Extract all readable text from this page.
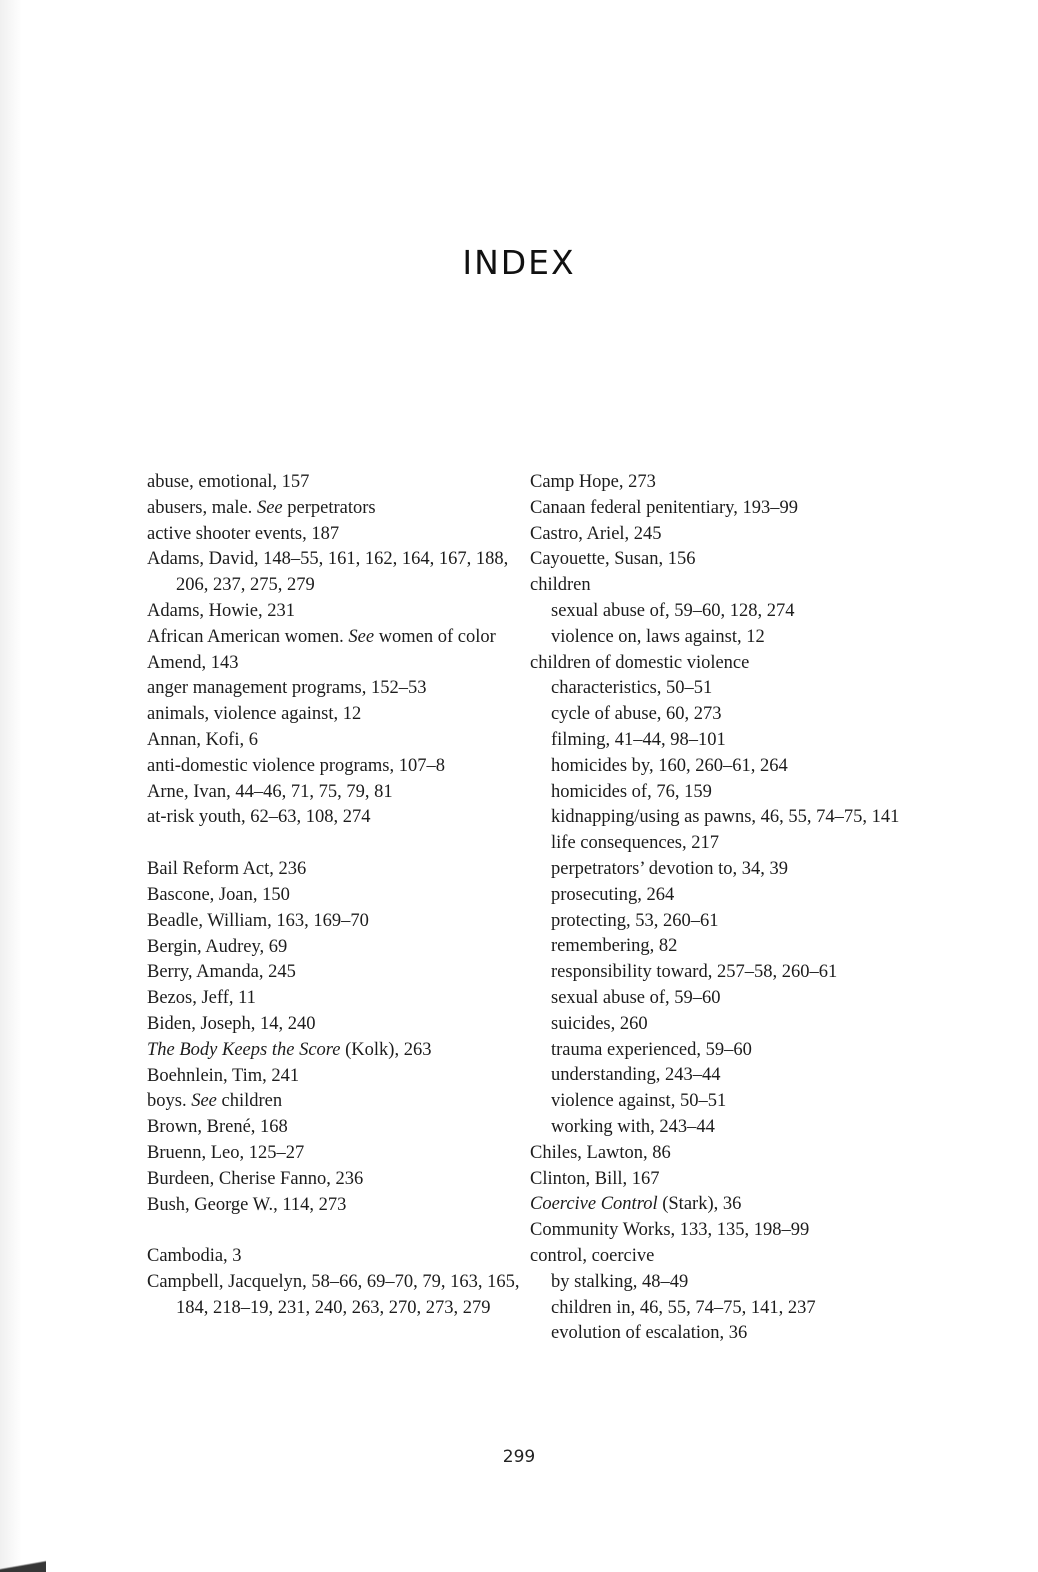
INDEX
abuse, emotional, 157
abusers, male. See perpetrators
active shooter events, 187
Adams, David, 148–55, 161, 162, 164, 167, 188, 206, 237, 275, 279
Adams, Howie, 231
African American women. See women of color
Amend, 143
anger management programs, 152–53
animals, violence against, 12
Annan, Kofi, 6
anti-domestic violence programs, 107–8
Arne, Ivan, 44–46, 71, 75, 79, 81
at-risk youth, 62–63, 108, 274
Bail Reform Act, 236
Bascone, Joan, 150
Beadle, William, 163, 169–70
Bergin, Audrey, 69
Berry, Amanda, 245
Bezos, Jeff, 11
Biden, Joseph, 14, 240
The Body Keeps the Score (Kolk), 263
Boehnlein, Tim, 241
boys. See children
Brown, Brené, 168
Bruenn, Leo, 125–27
Burdeen, Cherise Fanno, 236
Bush, George W., 114, 273
Cambodia, 3
Campbell, Jacquelyn, 58–66, 69–70, 79, 163, 165, 184, 218–19, 231, 240, 263, 270, 273, 279
Camp Hope, 273
Canaan federal penitentiary, 193–99
Castro, Ariel, 245
Cayouette, Susan, 156
children
sexual abuse of, 59–60, 128, 274
violence on, laws against, 12
children of domestic violence
characteristics, 50–51
cycle of abuse, 60, 273
filming, 41–44, 98–101
homicides by, 160, 260–61, 264
homicides of, 76, 159
kidnapping/using as pawns, 46, 55, 74–75, 141
life consequences, 217
perpetrators’ devotion to, 34, 39
prosecuting, 264
protecting, 53, 260–61
remembering, 82
responsibility toward, 257–58, 260–61
sexual abuse of, 59–60
suicides, 260
trauma experienced, 59–60
understanding, 243–44
violence against, 50–51
working with, 243–44
Chiles, Lawton, 86
Clinton, Bill, 167
Coercive Control (Stark), 36
Community Works, 133, 135, 198–99
control, coercive
by stalking, 48–49
children in, 46, 55, 74–75, 141, 237
evolution of escalation, 36
299
